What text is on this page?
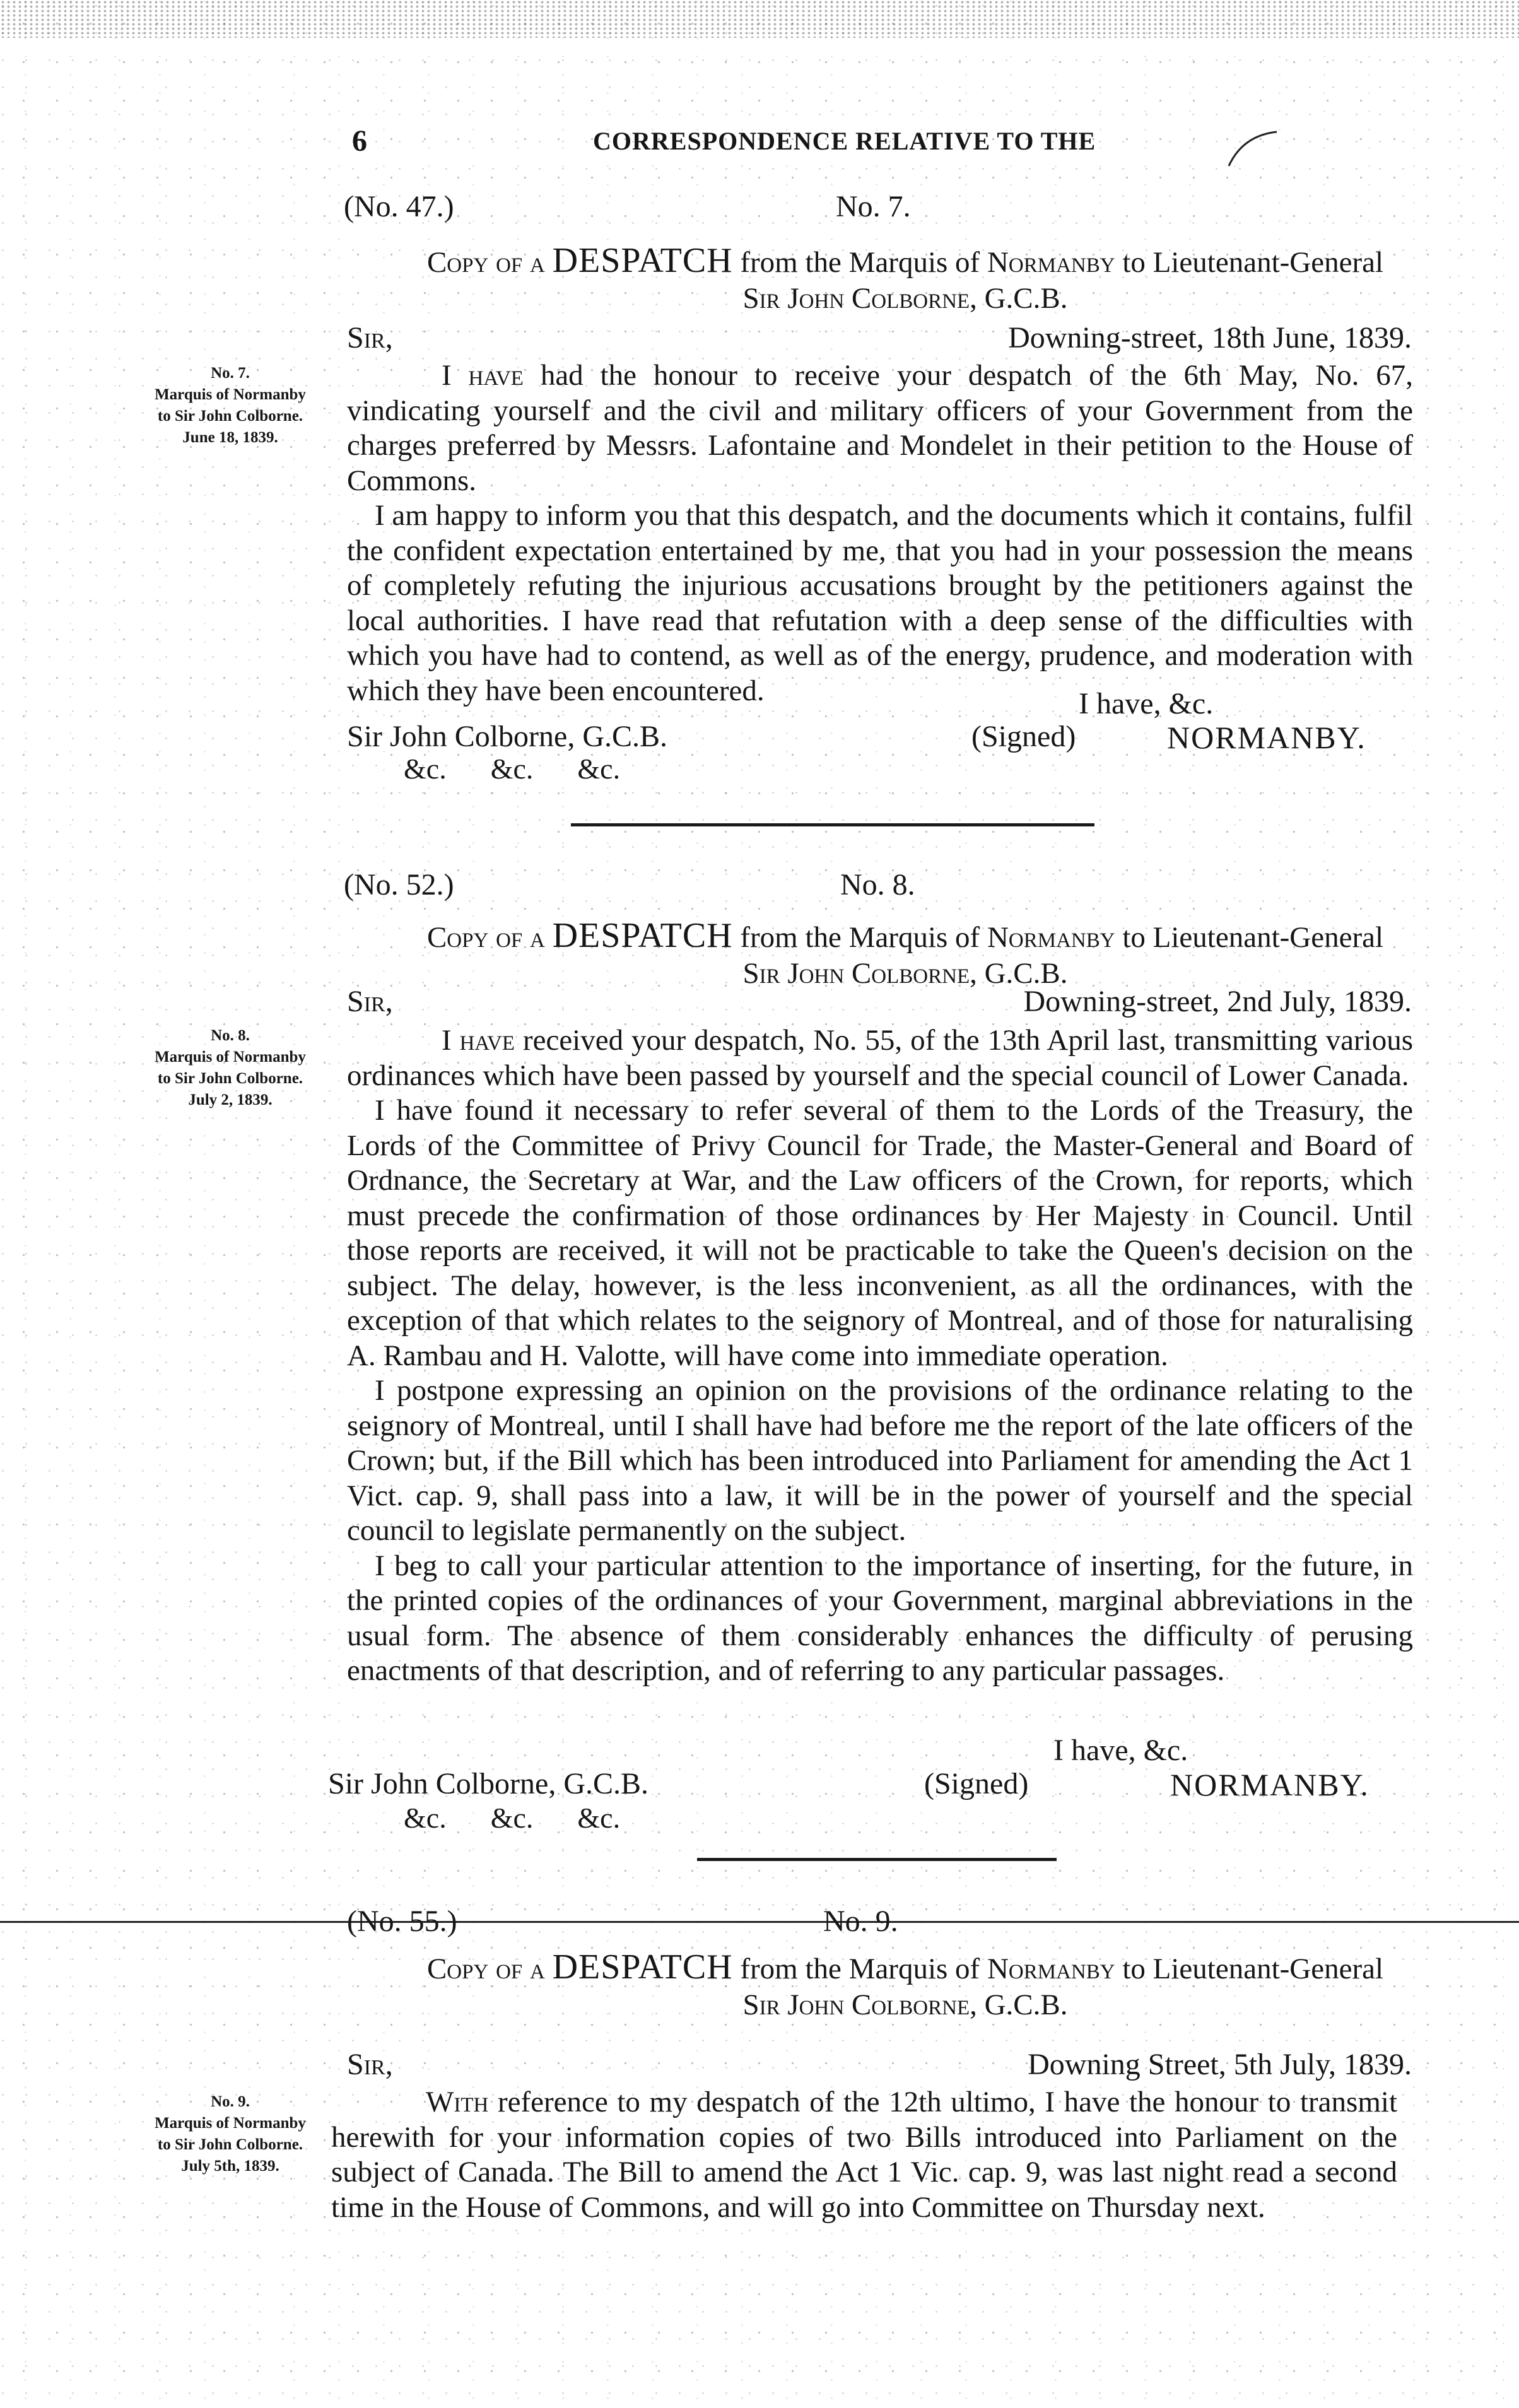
6	CORRESPONDENCE RELATIVE TO THE
(No. 47.)	No. 7.
Copy of a DESPATCH from the Marquis of Normanby to Lieutenant-General
Sir John Colborne, G.C.B.
Sir,	Downing-street, 18th June, 1839.
No. 7.
Marquis of Normanby
to Sir John Colborne.
June 18, 1839.

I have had the honour to receive your despatch of the 6th May, No. 67, vindicating yourself and the civil and military officers of your Government from the charges preferred by Messrs. Lafontaine and Mondelet in their petition to the House of Commons.

I am happy to inform you that this despatch, and the documents which it contains, fulfil the confident expectation entertained by me, that you had in your possession the means of completely refuting the injurious accusations brought by the petitioners against the local authorities. I have read that refutation with a deep sense of the difficulties with which you have had to contend, as well as of the energy, prudence, and moderation with which they have been encountered.	I have, &c.
Sir John Colborne, G.C.B.	(Signed)	NORMANBY.
&c. &c. &c.
(No. 52.)	No. 8.
Copy of a DESPATCH from the Marquis of Normanby to Lieutenant-General
Sir John Colborne, G.C.B.
Sir,	Downing-street, 2nd July, 1839.
No. 8.
Marquis of Normanby
to Sir John Colborne.
July 2, 1839.

I have received your despatch, No. 55, of the 13th April last, transmitting various ordinances which have been passed by yourself and the special council of Lower Canada.

I have found it necessary to refer several of them to the Lords of the Treasury, the Lords of the Committee of Privy Council for Trade, the Master-General and Board of Ordnance, the Secretary at War, and the Law officers of the Crown, for reports, which must precede the confirmation of those ordinances by Her Majesty in Council. Until those reports are received, it will not be practicable to take the Queen's decision on the subject. The delay, however, is the less inconvenient, as all the ordinances, with the exception of that which relates to the seignory of Montreal, and of those for naturalising A. Rambau and H. Valotte, will have come into immediate operation.

I postpone expressing an opinion on the provisions of the ordinance relating to the seignory of Montreal, until I shall have had before me the report of the late officers of the Crown; but, if the Bill which has been introduced into Parliament for amending the Act 1 Vict. cap. 9, shall pass into a law, it will be in the power of yourself and the special council to legislate permanently on the subject.

I beg to call your particular attention to the importance of inserting, for the future, in the printed copies of the ordinances of your Government, marginal abbreviations in the usual form. The absence of them considerably enhances the difficulty of perusing enactments of that description, and of referring to any particular passages.

I have, &c.
Sir John Colborne, G.C.B.	(Signed)	NORMANBY.
&c. &c. &c.
(No. 55.)	No. 9.
Copy of a DESPATCH from the Marquis of Normanby to Lieutenant-General
Sir John Colborne, G.C.B.
Sir,	Downing Street, 5th July, 1839.
No. 9.
Marquis of Normanby
to Sir John Colborne.
July 5th, 1839.

With reference to my despatch of the 12th ultimo, I have the honour to transmit herewith for your information copies of two Bills introduced into Parliament on the subject of Canada. The Bill to amend the Act 1 Vic. cap. 9, was last night read a second time in the House of Commons, and will go into Committee on Thursday next.
